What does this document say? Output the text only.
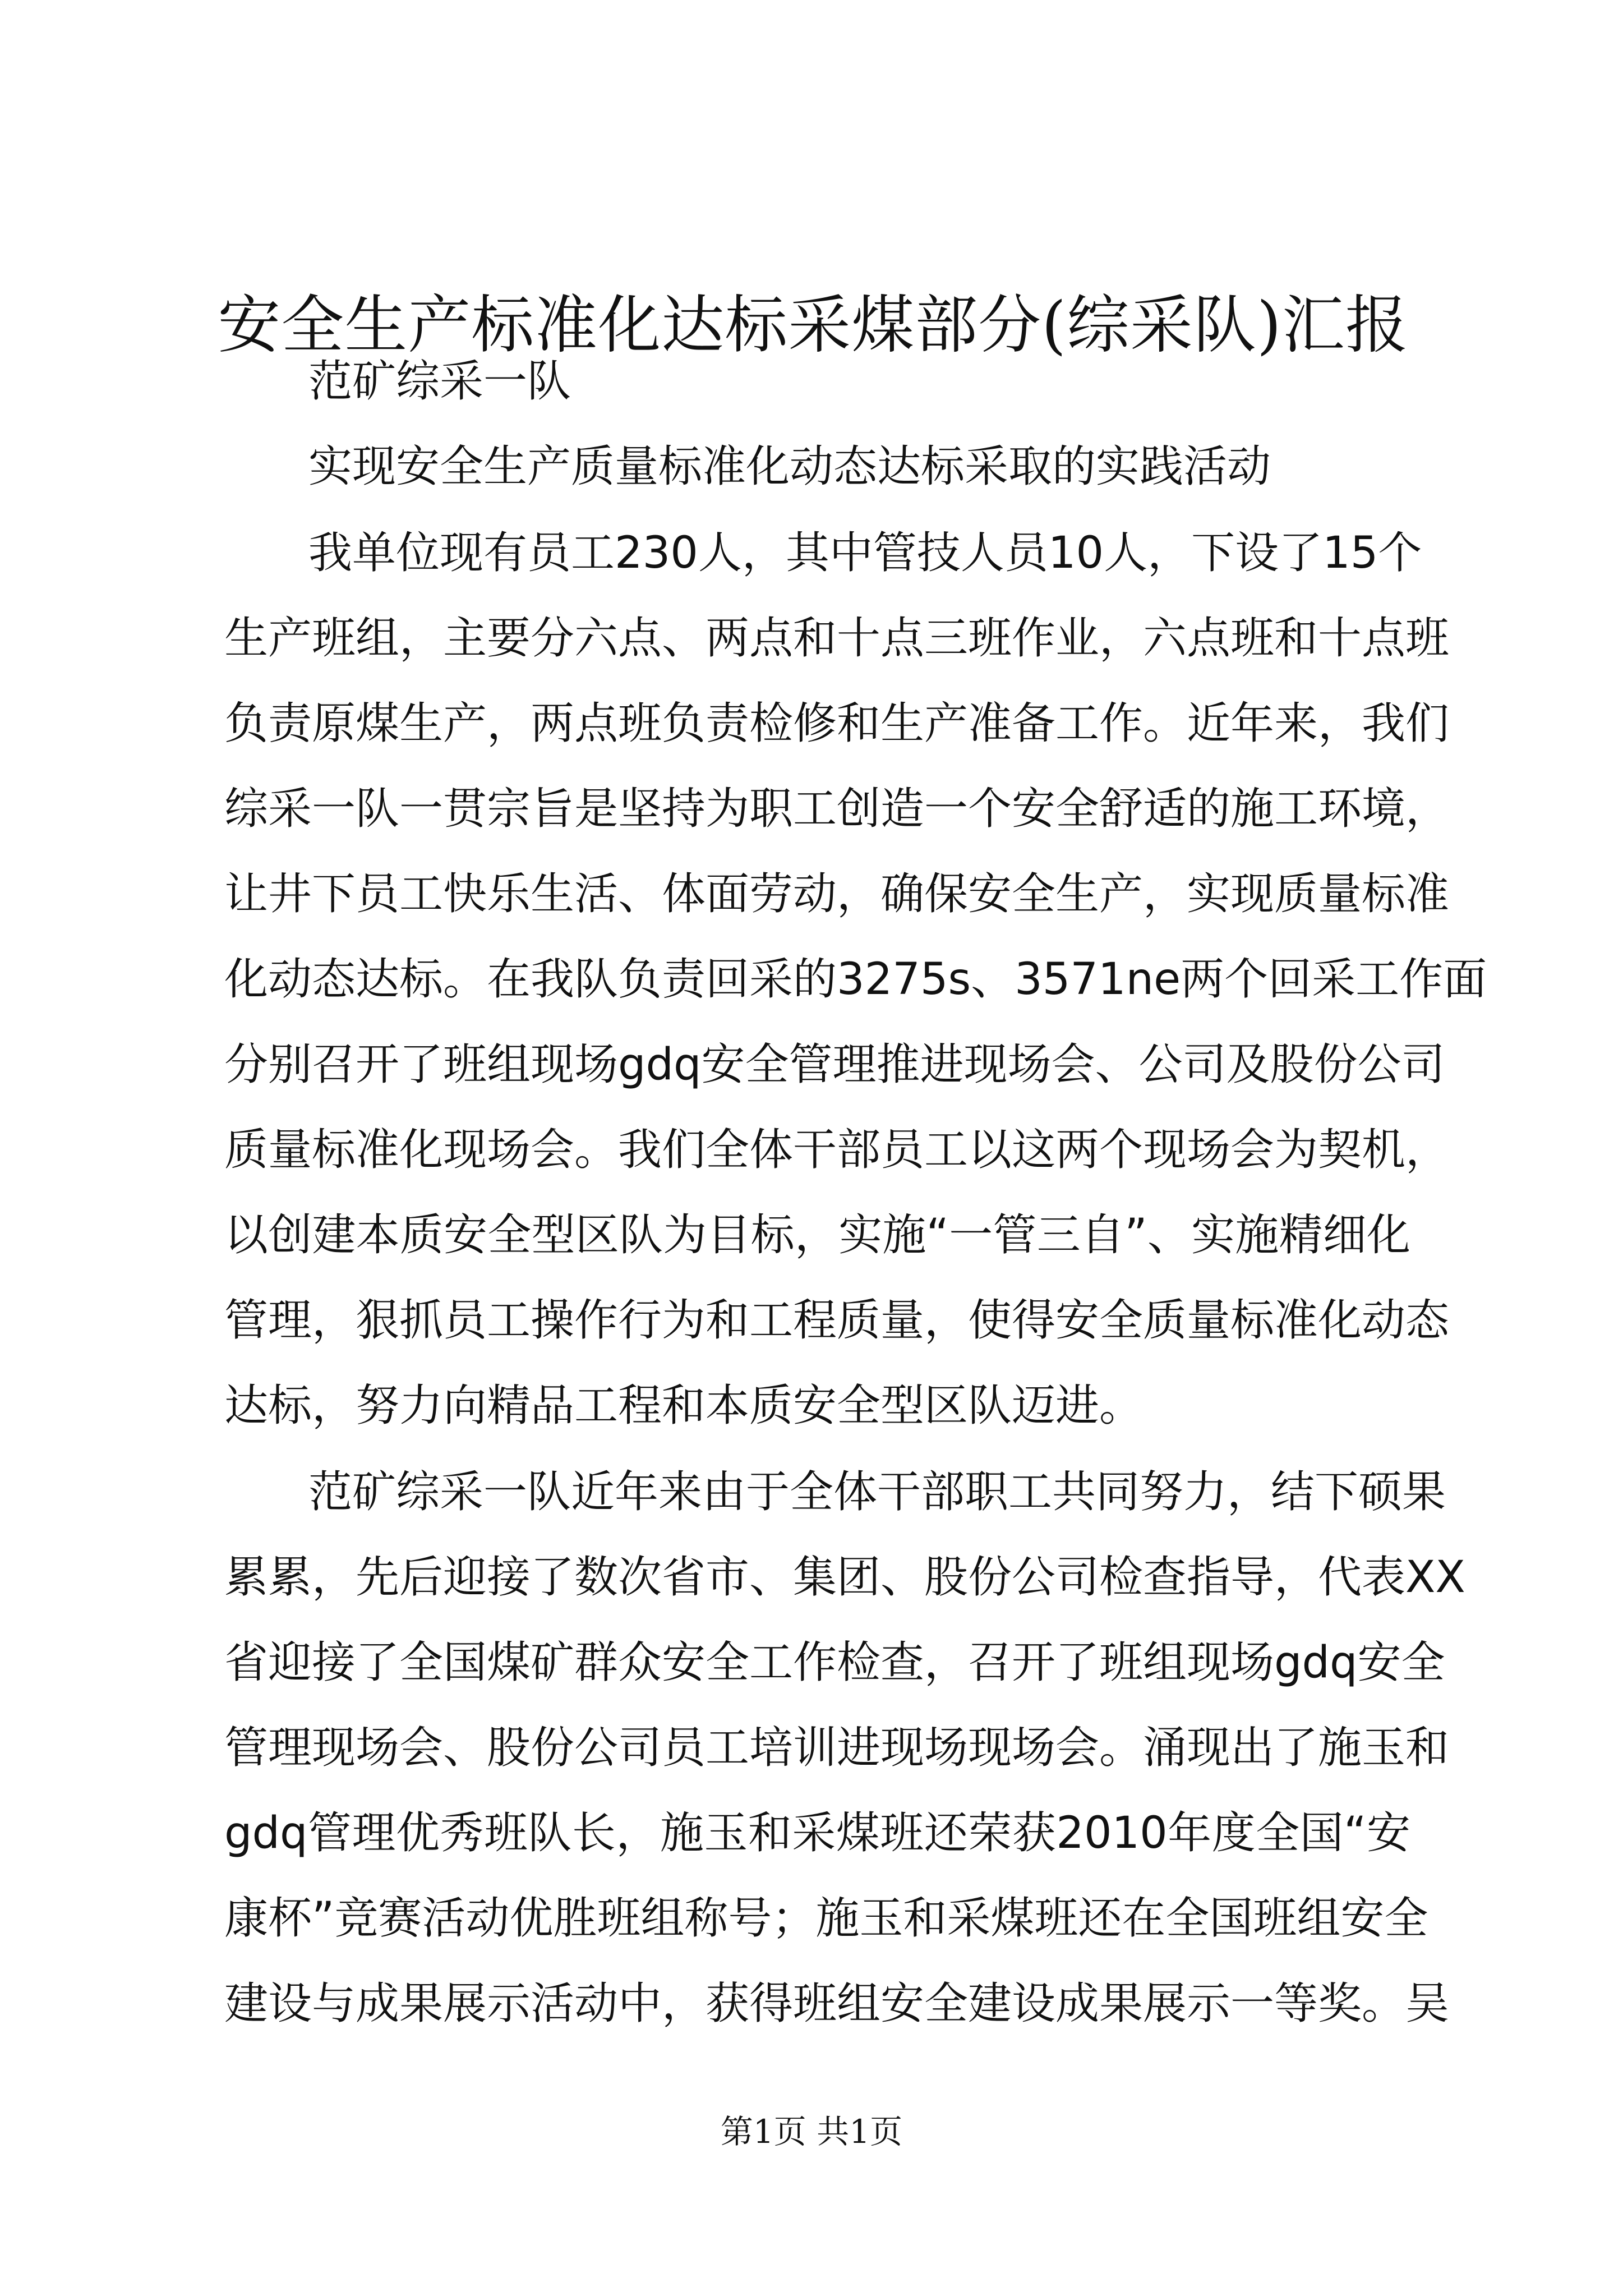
安全生产标准化达标采煤部分(综采队)汇报
范矿综采一队
实现安全生产质量标准化动态达标采取的实践活动
我单位现有员工230人，其中管技人员10人，下设了15个
生产班组，主要分六点、两点和十点三班作业，六点班和十点班
负责原煤生产，两点班负责检修和生产准备工作。近年来，我们
综采一队一贯宗旨是坚持为职工创造一个安全舒适的施工环境，
让井下员工快乐生活、体面劳动，确保安全生产，实现质量标准
化动态达标。在我队负责回采的3275s、3571ne两个回采工作面
分别召开了班组现场gdq安全管理推进现场会、公司及股份公司
质量标准化现场会。我们全体干部员工以这两个现场会为契机，
以创建本质安全型区队为目标，实施“一管三自”、实施精细化
管理，狠抓员工操作行为和工程质量，使得安全质量标准化动态
达标，努力向精品工程和本质安全型区队迈进。
范矿综采一队近年来由于全体干部职工共同努力，结下硕果
累累，先后迎接了数次省市、集团、股份公司检查指导，代表XX
省迎接了全国煤矿群众安全工作检查，召开了班组现场gdq安全
管理现场会、股份公司员工培训进现场现场会。涌现出了施玉和
gdq管理优秀班队长，施玉和采煤班还荣获2010年度全国“安
康杯”竞赛活动优胜班组称号；施玉和采煤班还在全国班组安全
建设与成果展示活动中，获得班组安全建设成果展示一等奖。吴
第1页 共1页
